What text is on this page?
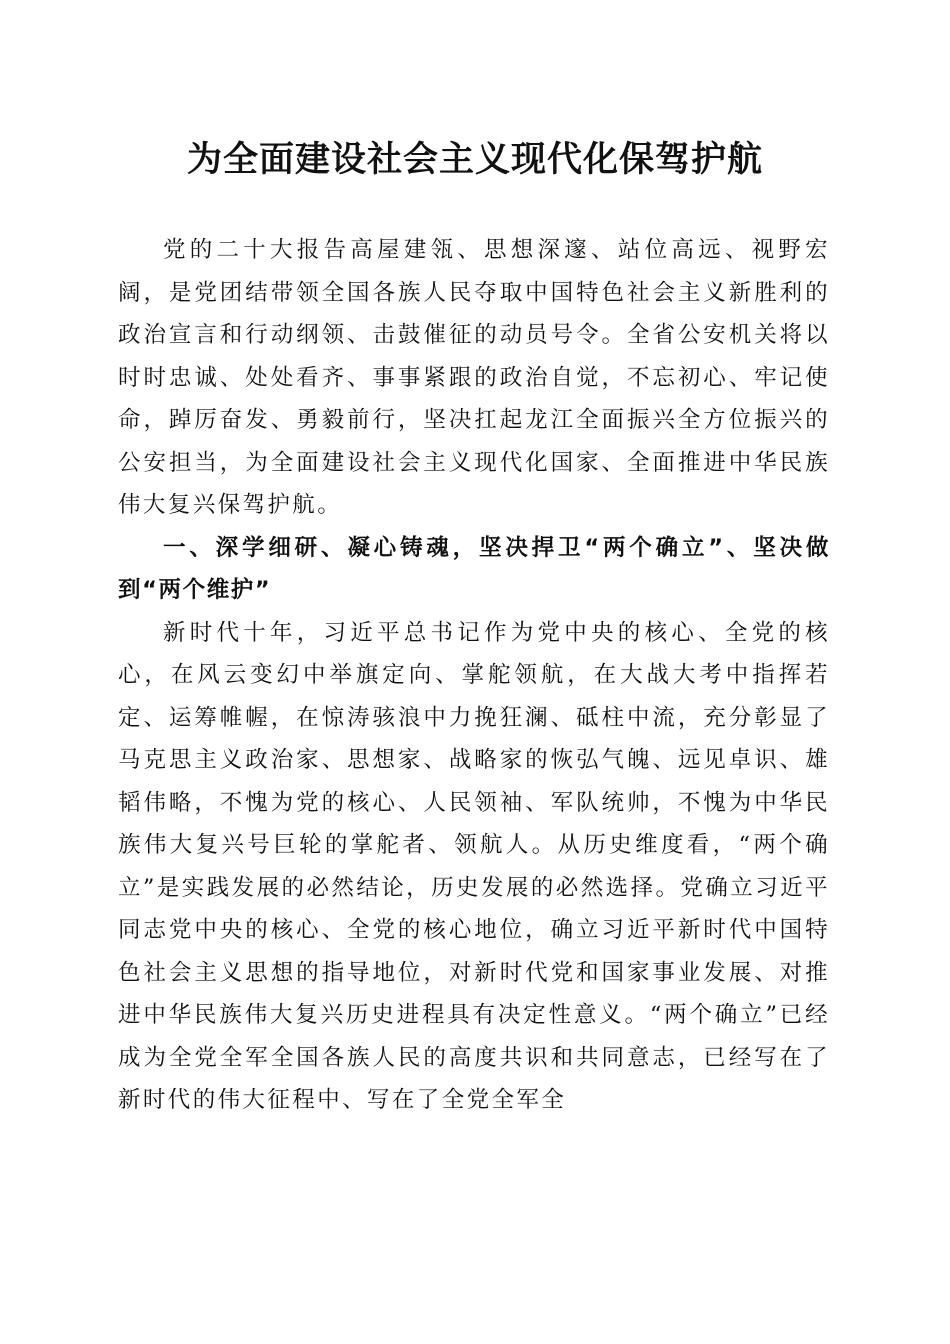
为全面建设社会主义现代化保驾护航

党的二十大报告高屋建瓴、思想深邃、站位高远、视野宏阔，是党团结带领全国各族人民夺取中国特色社会主义新胜利的政治宣言和行动纲领、击鼓催征的动员号令。全省公安机关将以时时忠诚、处处看齐、事事紧跟的政治自觉，不忘初心、牢记使命，踔厉奋发、勇毅前行，坚决扛起龙江全面振兴全方位振兴的公安担当，为全面建设社会主义现代化国家、全面推进中华民族伟大复兴保驾护航。

一、深学细研、凝心铸魂，坚决捍卫“两个确立”、坚决做到“两个维护”

新时代十年，习近平总书记作为党中央的核心、全党的核心，在风云变幻中举旗定向、掌舵领航，在大战大考中指挥若定、运筹帷幄，在惊涛骇浪中力挽狂澜、砥柱中流，充分彰显了马克思主义政治家、思想家、战略家的恢弘气魄、远见卓识、雄韬伟略，不愧为党的核心、人民领袖、军队统帅，不愧为中华民族伟大复兴号巨轮的掌舵者、领航人。从历史维度看，“两个确立”是实践发展的必然结论，历史发展的必然选择。党确立习近平同志党中央的核心、全党的核心地位，确立习近平新时代中国特色社会主义思想的指导地位，对新时代党和国家事业发展、对推进中华民族伟大复兴历史进程具有决定性意义。“两个确立”已经成为全党全军全国各族人民的高度共识和共同意志，已经写在了新时代的伟大征程中、写在了全党全军全
